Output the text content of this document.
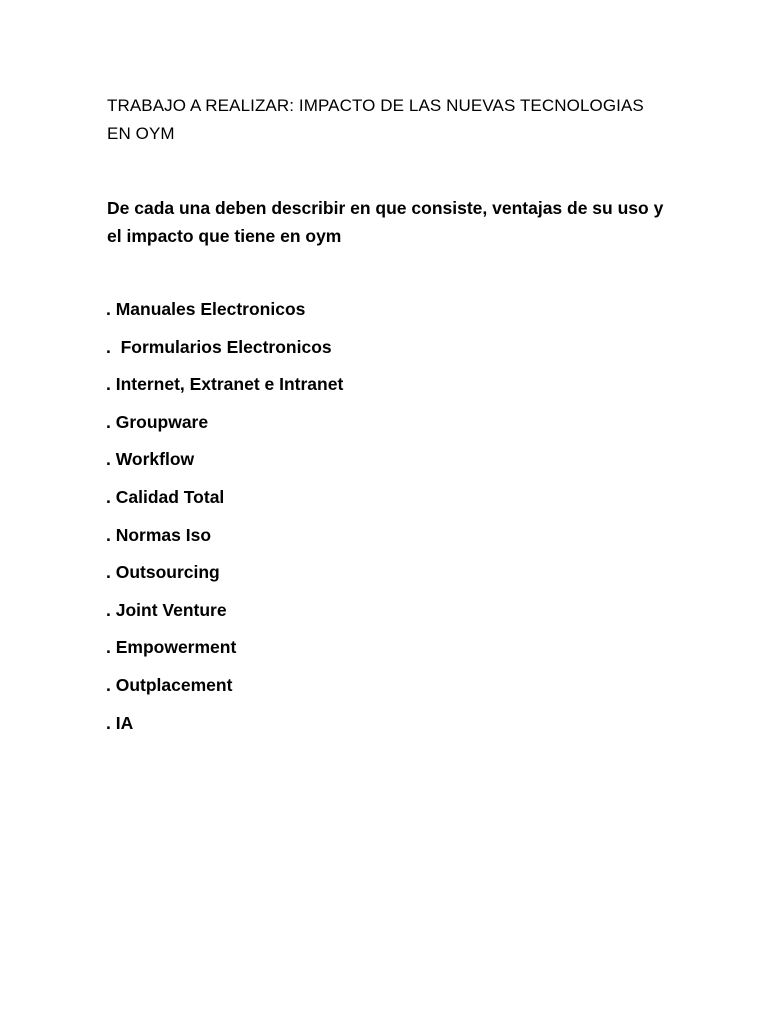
TRABAJO A REALIZAR: IMPACTO DE LAS NUEVAS TECNOLOGIAS
EN OYM

De cada una deben describir en que consiste, ventajas de su uso y
el impacto que tiene en oym

. Manuales Electronicos
.  Formularios Electronicos
. Internet, Extranet e Intranet
. Groupware
. Workflow
. Calidad Total
. Normas Iso
. Outsourcing
. Joint Venture
. Empowerment
. Outplacement
. IA
